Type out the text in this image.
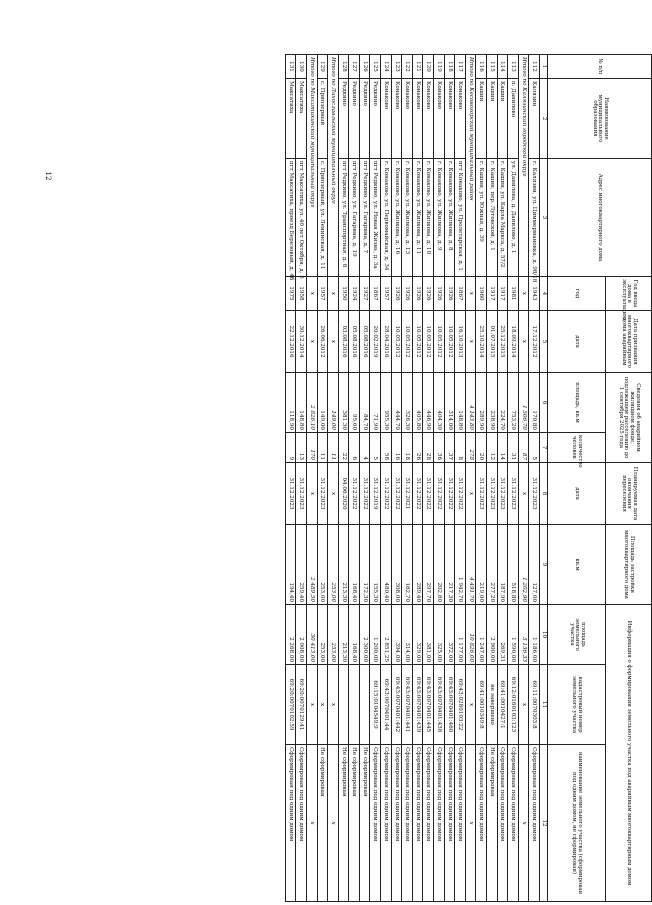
12
№ п/п	Наименование муниципального образования	Адрес многоквартирного дома	Год ввода дома в эксплуатацию	Дата признания многоквартирного дома аварийным	Сведения об аварийном жилищном фонде, подлежащем расселению до 1 сентября 2025 года		Планируемая дата окончания переселения	Площадь застройки многоквартирного дома	Информация о формировании земельного участка под аварийным многоквартирным домом		
			год	дата	площадь, кв.м	количество человек	дата	кв.м	площадь земельного участка	кадастровый номер земельного участка	наименование земельного участка (сформирован под одним домом, не сформирован)
1	2	3	4	5	6	7	8	9	10	11	12
112	Калязин	г. Калязин, ул. Циммермановка, д. 98/18	1943	17.12.2012	170,80	5	31.12.2023	127,00	1 186,00	69:11:0070303:8	Сформирован под одним домом
Итого по Калязинский городской округ			x	x	1 506,70	87	x	1 202,90	5 136,33	x	x
113	п. Данилово	ул. Данилова, д. Данилово, д. 1	1981	18.09.2014	753,20	31	31.12.2023	518,80	1 590,00	69:12:0160103:123	Сформирован под одним домом
114	Кашин	г. Кашин, ул. Карла Маркса, д. 57/2	1917	25.12.2015	224,70	14	31.12.2023	187,90	269,31	69:41:0010427:1	Сформирован под одним домом
115	Кашин	г. Кашин, пер. Луговской, д. 1	1917	01.07.2015	238,90	12	31.12.2023	277,20	2 900,00	не завершено	Не сформирован
116	Кашин	г. Кашин, ул. Южная, д. 39	1960	25.10.2014	289,90	20	31.12.2023	219,00	1 247,00	69:41:0010349:8	Сформирован под одним домом
Итого по Кесовогорский муниципальный район			x	x	4 143,80	278	x	4 491,70	10 826,00	x	x
117	Конаково	пгт Конаково, ул. Пролетарская, д. 1	1867	16.10.2013	148,80	8	31.12.2022	1 942,70	1 177,00	69:43:0280103:22	Сформирован под одним домом
118	Конаково	г. Конаково, ул. Жилкова, д. 8	1926	10.05.2012	314,00	37	31.12.2022	217,30	372,00	69:43:0070401:460	Сформирован под одним домом
119	Конаково	г. Конаково, ул. Жилкова, д. 9	1926	10.05.2012	404,30	36	31.12.2022	202,80	325,00	69:43:0070401:438	Сформирован под одним домом
120	Конаково	г. Конаково, ул. Жилкова, д. 10	1926	10.05.2012	446,90	28	31.12.2022	297,70	381,00	69:43:0070401:445	Сформирован под одним домом
121	Конаково	г. Конаково, ул. Жилкова, д. 11	1926	10.05.2012	405,80	26	31.12.2022	289,40	329,00	69:43:0070401:439	Сформирован под одним домом
122	Конаково	г. Конаково, ул. Жилкова, д. 13	1926	10.05.2012	326,30	18	31.12.2021	162,70	314,00	69:43:0070401:441	Сформирован под одним домом
123	Конаково	г. Конаково, ул. Жилкова, д. 16	1926	10.05.2012	444,70	16	31.12.2022	308,00	394,00	69:43:0070401:442	Сформирован под одним домом
124	Конаково	г. Конаково, ул. Первомайская, д. 34	1957	28.04.2016	955,30	58	31.12.2022	480,40	2 851,25	69:43:0070401:44	Сформирован под одним домом
125	Редкино	пгт Редкино, ул. Новая Жизнь, д. 3а	1867	20.02.2019	71,90	5	31.12.2019	155,30	1 200,00	69:15:0104549:9	Сформирован под одним домом
126	Редкино	пгт Редкино, ул. Гагарина, д. 7	1927	05.08.2016	84,70	4	31.12.2022	172,30	2 300,00		Не сформирован
127	Редкино	пгт Редкино, ул. Гагарина, д. 19	1924	05.08.2016	95,60	6	31.12.2022	168,40	168,40		Не сформирован
128	Редкино	пгт Редкино, ул. Транспортная, д. 8	1950	03.08.2016	381,30	22	04.06.2020	213,30	213,30		Не сформирован
Итого по Лихославльский муниципальный округ			x	x	149,00	11	x	253,00	253,00	x	x
129	с. Приозерный	с. Приозерный, ул. Ленинская, д. 11	1957	26.06.2012	149,00	11	31.12.2023	253,00	253,00	x	Не сформирован
Итого по Максатихинский муниципальный округ			x	x	2 826,10	170	x	2 489,50	30 413,00	x	x
130	Максатиха	пгт Максатиха, ул. 40 лет Октября, д. 5	1958	30.12.2014	148,80	13	31.12.2023	259,40	2 008,00	69:20:0070129:41	Сформирован под одним домом
131	Максатиха	пгт Максатиха, проезд Березовый, д. 4б	1975	22.12.2016	118,90	9	31.12.2023	194,40	2 268,00	69:20:0070102:59	Сформирован под одним домом
